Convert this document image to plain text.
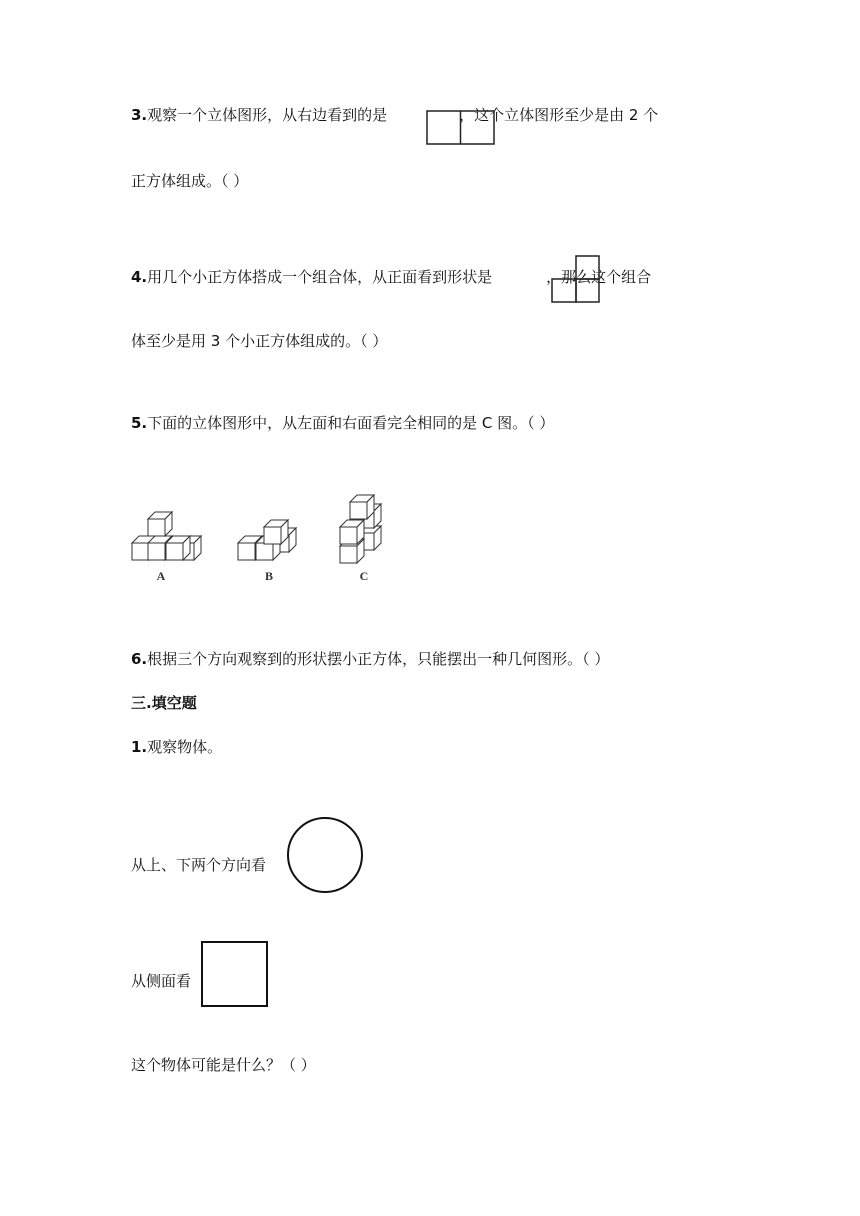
3.观察一个立体图形，从右边看到的是	，这个立体图形至少是由 2 个
正方体组成。（ ）
4.用几个小正方体搭成一个组合体，从正面看到形状是	，那么这个组合
体至少是用 3 个小正方体组成的。（ ）
5.下面的立体图形中，从左面和右面看完全相同的是 C 图。（ ）
A	B	C
6.根据三个方向观察到的形状摆小正方体，只能摆出一种几何图形。（ ）
三.填空题
1.观察物体。
从上、下两个方向看
从侧面看
这个物体可能是什么？（ ）
